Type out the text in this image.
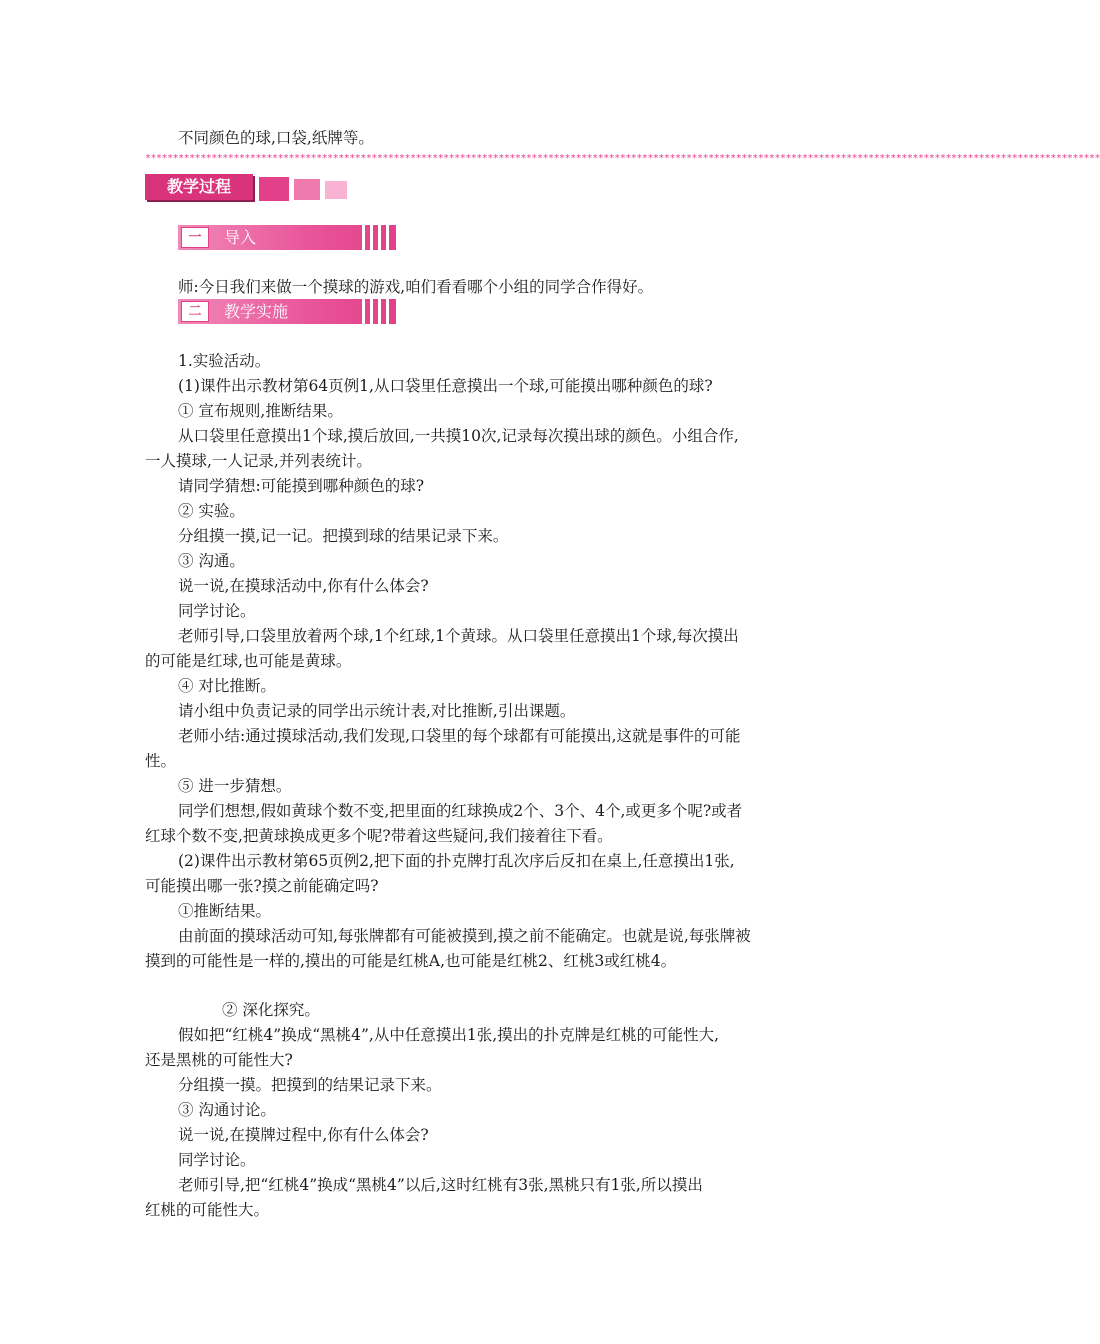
不同颜色的球,口袋,纸牌等。
*****************************************************************************************************************************************************************************
教学过程
一	导入
师:今日我们来做一个摸球的游戏,咱们看看哪个小组的同学合作得好。
二	教学实施
1.实验活动。
(1)课件出示教材第64页例1,从口袋里任意摸出一个球,可能摸出哪种颜色的球?
① 宣布规则,推断结果。
从口袋里任意摸出1个球,摸后放回,一共摸10次,记录每次摸出球的颜色。小组合作,
一人摸球,一人记录,并列表统计。
请同学猜想:可能摸到哪种颜色的球?
② 实验。
分组摸一摸,记一记。把摸到球的结果记录下来。
③ 沟通。
说一说,在摸球活动中,你有什么体会?
同学讨论。
老师引导,口袋里放着两个球,1个红球,1个黄球。从口袋里任意摸出1个球,每次摸出
的可能是红球,也可能是黄球。
④ 对比推断。
请小组中负责记录的同学出示统计表,对比推断,引出课题。
老师小结:通过摸球活动,我们发现,口袋里的每个球都有可能摸出,这就是事件的可能
性。
⑤ 进一步猜想。
同学们想想,假如黄球个数不变,把里面的红球换成2个、3个、4个,或更多个呢?或者
红球个数不变,把黄球换成更多个呢?带着这些疑问,我们接着往下看。
(2)课件出示教材第65页例2,把下面的扑克牌打乱次序后反扣在桌上,任意摸出1张,
可能摸出哪一张?摸之前能确定吗?
①推断结果。
由前面的摸球活动可知,每张牌都有可能被摸到,摸之前不能确定。也就是说,每张牌被
摸到的可能性是一样的,摸出的可能是红桃A,也可能是红桃2、红桃3或红桃4。
② 深化探究。
假如把“红桃4”换成“黑桃4”,从中任意摸出1张,摸出的扑克牌是红桃的可能性大,
还是黑桃的可能性大?
分组摸一摸。把摸到的结果记录下来。
③ 沟通讨论。
说一说,在摸牌过程中,你有什么体会?
同学讨论。
老师引导,把“红桃4”换成“黑桃4”以后,这时红桃有3张,黑桃只有1张,所以摸出
红桃的可能性大。
